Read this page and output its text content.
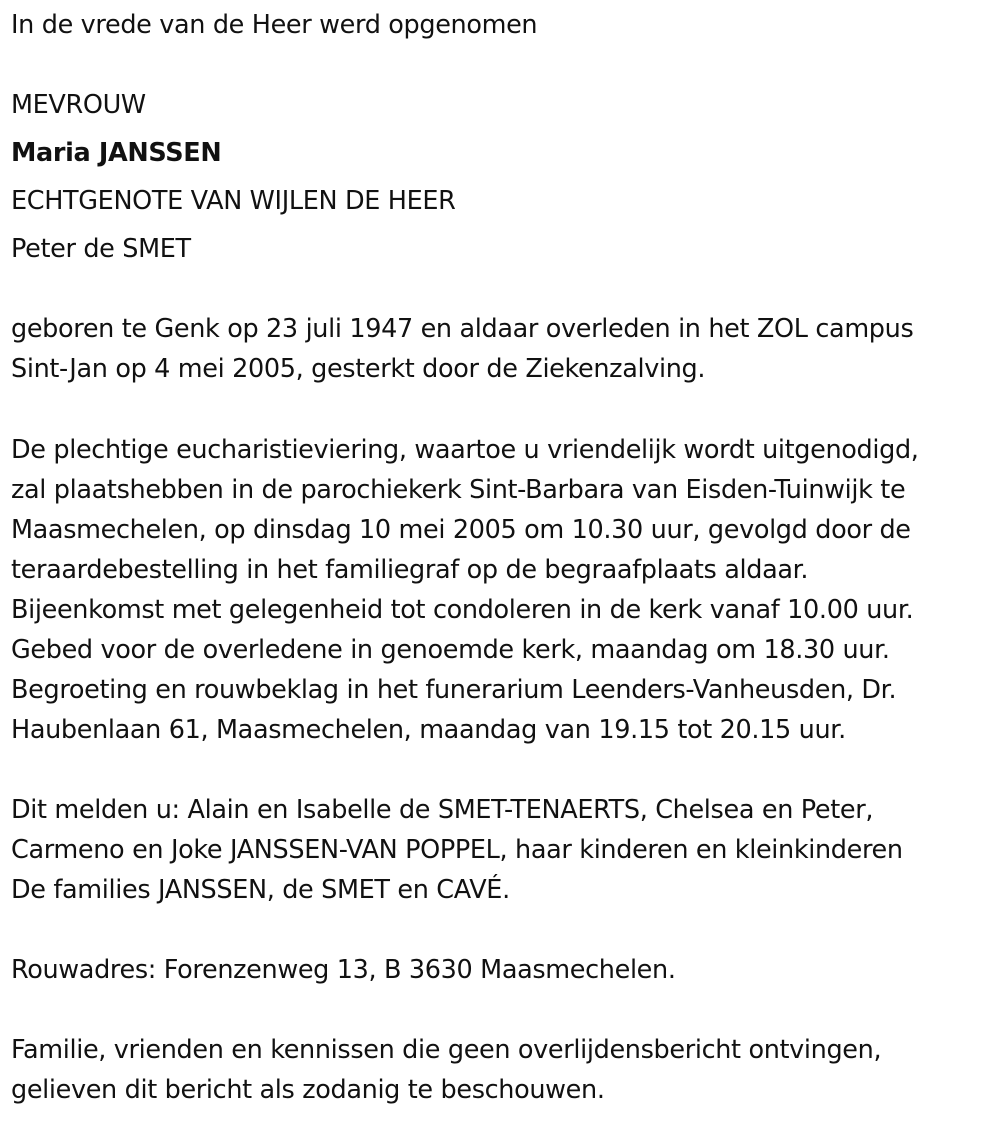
In de vrede van de Heer werd opgenomen
MEVROUW
Maria JANSSEN
ECHTGENOTE VAN WIJLEN DE HEER
Peter de SMET
geboren te Genk op 23 juli 1947 en aldaar overleden in het ZOL campus
Sint-Jan op 4 mei 2005, gesterkt door de Ziekenzalving.
De plechtige eucharistieviering, waartoe u vriendelijk wordt uitgenodigd,
zal plaatshebben in de parochiekerk Sint-Barbara van Eisden-Tuinwijk te
Maasmechelen, op dinsdag 10 mei 2005 om 10.30 uur, gevolgd door de
teraardebestelling in het familiegraf op de begraafplaats aldaar.
Bijeenkomst met gelegenheid tot condoleren in de kerk vanaf 10.00 uur.
Gebed voor de overledene in genoemde kerk, maandag om 18.30 uur.
Begroeting en rouwbeklag in het funerarium Leenders-Vanheusden, Dr.
Haubenlaan 61, Maasmechelen, maandag van 19.15 tot 20.15 uur.
Dit melden u: Alain en Isabelle de SMET-TENAERTS, Chelsea en Peter,
Carmeno en Joke JANSSEN-VAN POPPEL, haar kinderen en kleinkinderen
De families JANSSEN, de SMET en CAVÉ.
Rouwadres: Forenzenweg 13, B 3630 Maasmechelen.
Familie, vrienden en kennissen die geen overlijdensbericht ontvingen,
gelieven dit bericht als zodanig te beschouwen.
